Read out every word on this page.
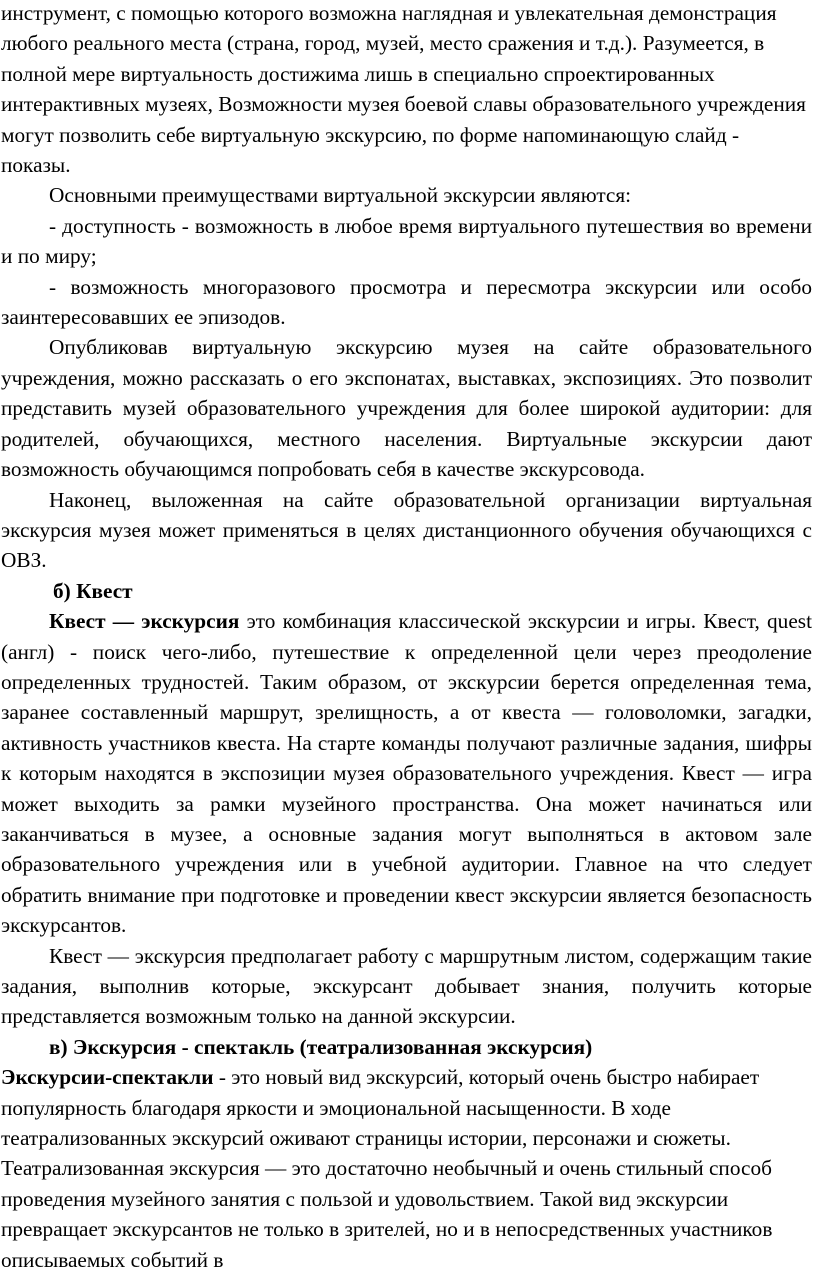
инструмент, с помощью которого возможна наглядная и увлекательная демонстрация любого реального места (страна, город, музей, место сражения и т.д.). Разумеется, в полной мере виртуальность достижима лишь в специально спроектированных интерактивных музеях, Возможности музея боевой славы образовательного учреждения могут позволить себе виртуальную экскурсию, по форме напоминающую слайд - показы.

Основными преимуществами виртуальной экскурсии являются:

- доступность - возможность в любое время виртуального путешествия во времени и по миру;

- возможность многоразового просмотра и пересмотра экскурсии или особо заинтересовавших ее эпизодов.

Опубликовав виртуальную экскурсию музея на сайте образовательного учреждения, можно рассказать о его экспонатах, выставках, экспозициях. Это позволит представить музей образовательного учреждения для более широкой аудитории: для родителей, обучающихся, местного населения. Виртуальные экскурсии дают возможность обучающимся попробовать себя в качестве экскурсовода.

Наконец, выложенная на сайте образовательной организации виртуальная экскурсия музея может применяться в целях дистанционного обучения обучающихся с ОВЗ.

б) Квест

Квест — экскурсия это комбинация классической экскурсии и игры. Квест, quest (англ) - поиск чего-либо, путешествие к определенной цели через преодоление определенных трудностей. Таким образом, от экскурсии берется определенная тема, заранее составленный маршрут, зрелищность, а от квеста — головоломки, загадки, активность участников квеста. На старте команды получают различные задания, шифры к которым находятся в экспозиции музея образовательного учреждения. Квест — игра может выходить за рамки музейного пространства. Она может начинаться или заканчиваться в музее, а основные задания могут выполняться в актовом зале образовательного учреждения или в учебной аудитории. Главное на что следует обратить внимание при подготовке и проведении квест экскурсии является безопасность экскурсантов.

Квест — экскурсия предполагает работу с маршрутным листом, содержащим такие задания, выполнив которые, экскурсант добывает знания, получить которые представляется возможным только на данной экскурсии.

в) Экскурсия - спектакль (театрализованная экскурсия)

Экскурсии-спектакли - это новый вид экскурсий, который очень быстро набирает популярность благодаря яркости и эмоциональной насыщенности. В ходе театрализованных экскурсий оживают страницы истории, персонажи и сюжеты. Театрализованная экскурсия — это достаточно необычный и очень стильный способ проведения музейного занятия с пользой и удовольствием. Такой вид экскурсии превращает экскурсантов не только в зрителей, но и в непосредственных участников описываемых событий в
